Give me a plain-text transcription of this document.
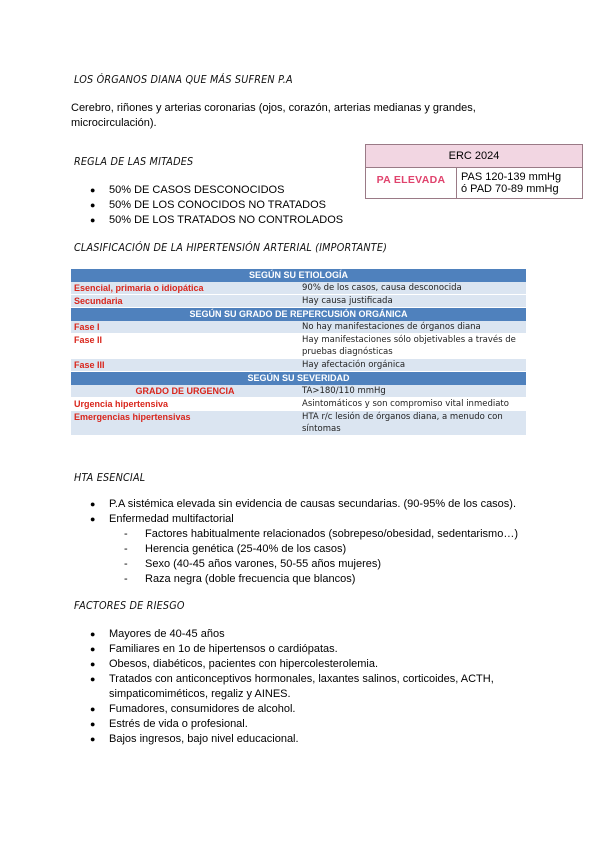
LOS ÓRGANOS DIANA QUE MÁS SUFREN P.A
Cerebro, riñones y arterias coronarias (ojos, corazón, arterias medianas y grandes, microcirculación).
REGLA DE LAS MITADES
● 50% DE CASOS DESCONOCIDOS
● 50% DE LOS CONOCIDOS NO TRATADOS
● 50% DE LOS TRATADOS NO CONTROLADOS
ERC 2024
PA ELEVADA	PAS 120-139 mmHg
ó PAD 70-89 mmHg
CLASIFICACIÓN DE LA HIPERTENSIÓN ARTERIAL (IMPORTANTE)
SEGÚN SU ETIOLOGÍA	
Esencial, primaria o idiopática	90% de los casos, causa desconocida
Secundaria	Hay causa justificada
SEGÚN SU GRADO DE REPERCUSIÓN ORGÁNICA	
Fase I	No hay manifestaciones de órganos diana
Fase II	Hay manifestaciones sólo objetivables a través de pruebas diagnósticas
Fase III	Hay afectación orgánica
SEGÚN SU SEVERIDAD	
GRADO DE URGENCIA	TA>180/110 mmHg
Urgencia hipertensiva	Asintomáticos y son compromiso vital inmediato
Emergencias hipertensivas	HTA r/c lesión de órganos diana, a menudo con síntomas
HTA ESENCIAL
● P.A sistémica elevada sin evidencia de causas secundarias. (90-95% de los casos).
● Enfermedad multifactorial
- Factores habitualmente relacionados (sobrepeso/obesidad, sedentarismo…)
- Herencia genética (25-40% de los casos)
- Sexo (40-45 años varones, 50-55 años mujeres)
- Raza negra (doble frecuencia que blancos)
FACTORES DE RIESGO
● Mayores de 40-45 años
● Familiares en 1o de hipertensos o cardiópatas.
● Obesos, diabéticos, pacientes con hipercolesterolemia.
● Tratados con anticonceptivos hormonales, laxantes salinos, corticoides, ACTH, simpaticomiméticos, regaliz y AINES.
● Fumadores, consumidores de alcohol.
● Estrés de vida o profesional.
● Bajos ingresos, bajo nivel educacional.
